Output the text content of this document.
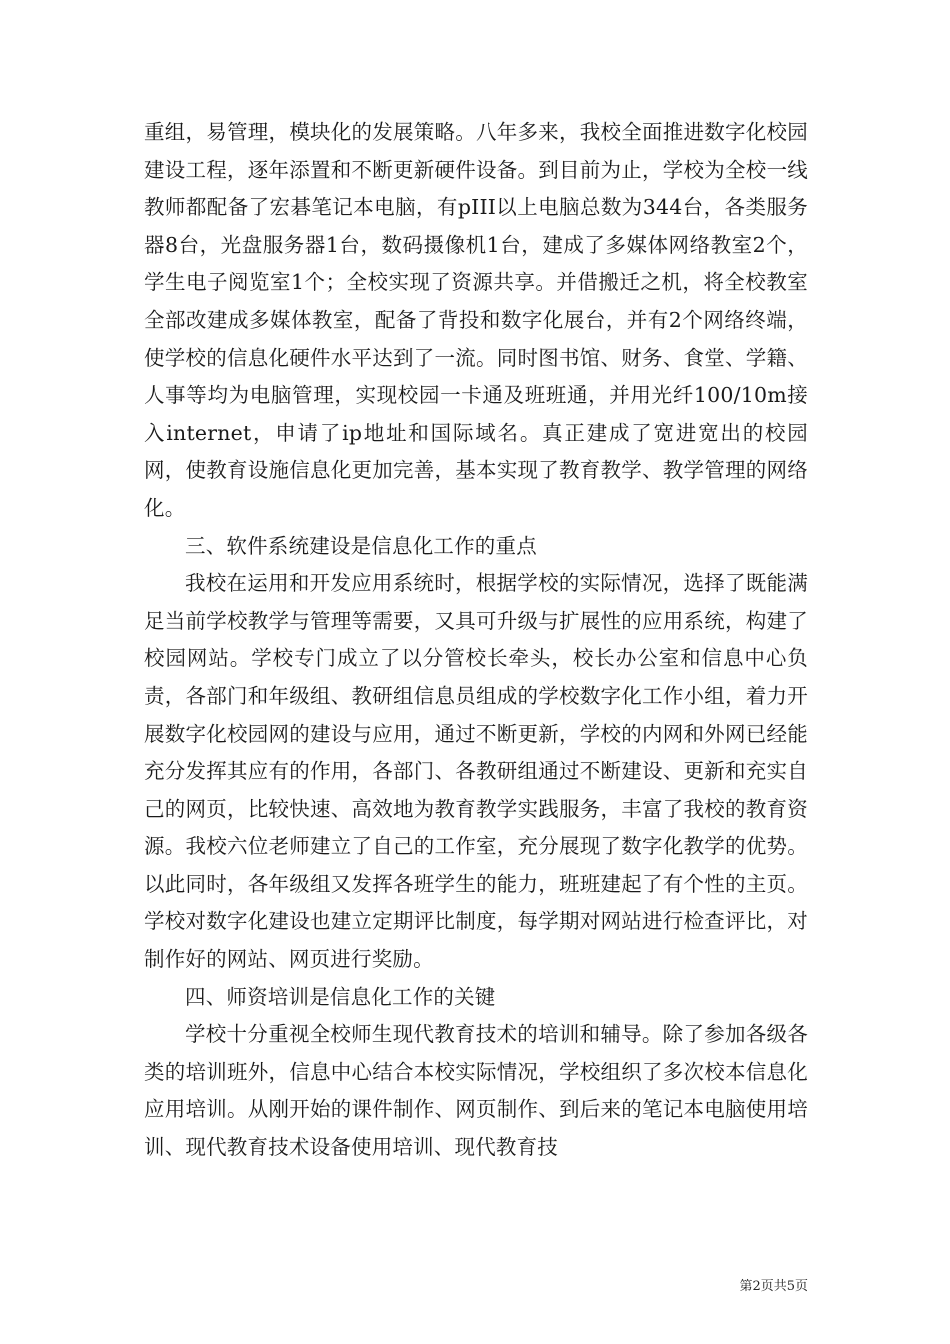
重组，易管理，模块化的发展策略。八年多来，我校全面推进数字化校园建设工程，逐年添置和不断更新硬件设备。到目前为止，学校为全校一线教师都配备了宏碁笔记本电脑，有pIII以上电脑总数为344台，各类服务器8台，光盘服务器1台，数码摄像机1台，建成了多媒体网络教室2个，学生电子阅览室1个；全校实现了资源共享。并借搬迁之机，将全校教室全部改建成多媒体教室，配备了背投和数字化展台，并有2个网络终端，使学校的信息化硬件水平达到了一流。同时图书馆、财务、食堂、学籍、人事等均为电脑管理，实现校园一卡通及班班通，并用光纤100/10m接入internet，申请了ip地址和国际域名。真正建成了宽进宽出的校园网，使教育设施信息化更加完善，基本实现了教育教学、教学管理的网络化。

三、软件系统建设是信息化工作的重点

我校在运用和开发应用系统时，根据学校的实际情况，选择了既能满足当前学校教学与管理等需要，又具可升级与扩展性的应用系统，构建了校园网站。学校专门成立了以分管校长牵头，校长办公室和信息中心负责，各部门和年级组、教研组信息员组成的学校数字化工作小组，着力开展数字化校园网的建设与应用，通过不断更新，学校的内网和外网已经能充分发挥其应有的作用，各部门、各教研组通过不断建设、更新和充实自己的网页，比较快速、高效地为教育教学实践服务，丰富了我校的教育资源。我校六位老师建立了自己的工作室，充分展现了数字化教学的优势。以此同时，各年级组又发挥各班学生的能力，班班建起了有个性的主页。学校对数字化建设也建立定期评比制度，每学期对网站进行检查评比，对制作好的网站、网页进行奖励。

四、师资培训是信息化工作的关键

学校十分重视全校师生现代教育技术的培训和辅导。除了参加各级各类的培训班外，信息中心结合本校实际情况，学校组织了多次校本信息化应用培训。从刚开始的课件制作、网页制作、到后来的笔记本电脑使用培训、现代教育技术设备使用培训、现代教育技

第2页共5页
